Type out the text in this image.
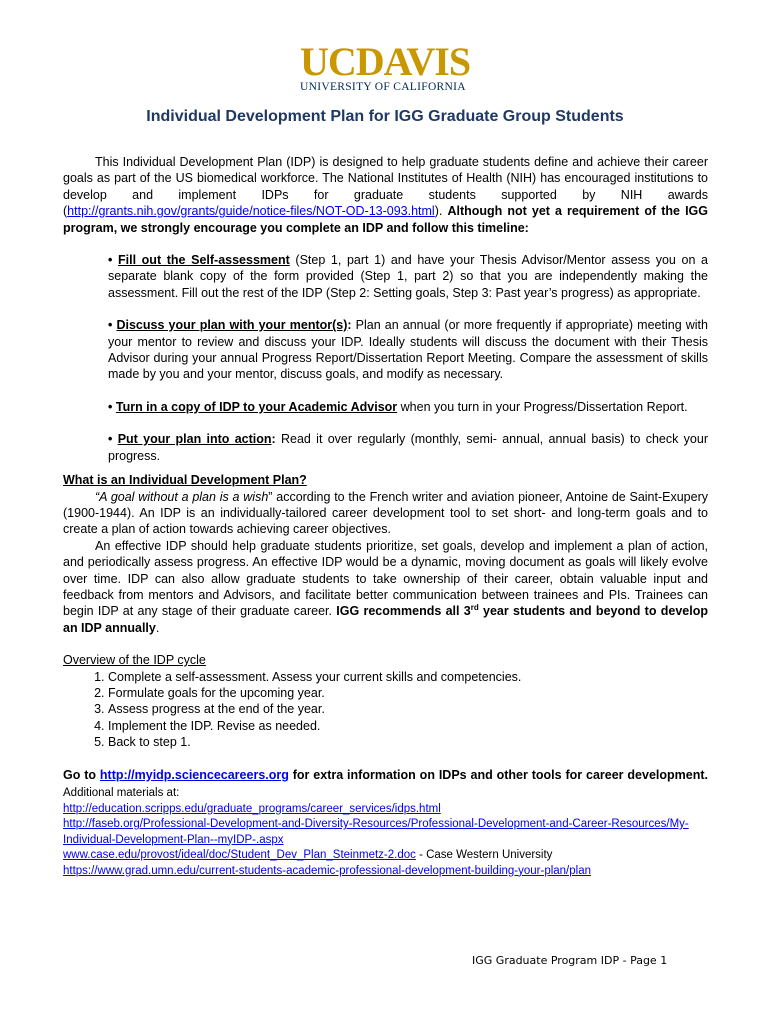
UCDAVIS
UNIVERSITY OF CALIFORNIA
Individual Development Plan for IGG Graduate Group Students

This Individual Development Plan (IDP) is designed to help graduate students define and achieve their career goals as part of the US biomedical workforce. The National Institutes of Health (NIH) has encouraged institutions to develop and implement IDPs for graduate students supported by NIH awards (http://grants.nih.gov/grants/guide/notice-files/NOT-OD-13-093.html). Although not yet a requirement of the IGG program, we strongly encourage you complete an IDP and follow this timeline:

• Fill out the Self-assessment (Step 1, part 1) and have your Thesis Advisor/Mentor assess you on a separate blank copy of the form provided (Step 1, part 2) so that you are independently making the assessment. Fill out the rest of the IDP (Step 2: Setting goals, Step 3: Past year’s progress) as appropriate.

• Discuss your plan with your mentor(s): Plan an annual (or more frequently if appropriate) meeting with your mentor to review and discuss your IDP. Ideally students will discuss the document with their Thesis Advisor during your annual Progress Report/Dissertation Report Meeting. Compare the assessment of skills made by you and your mentor, discuss goals, and modify as necessary.

• Turn in a copy of IDP to your Academic Advisor when you turn in your Progress/Dissertation Report.

• Put your plan into action: Read it over regularly (monthly, semi- annual, annual basis) to check your progress.

What is an Individual Development Plan?

“A goal without a plan is a wish” according to the French writer and aviation pioneer, Antoine de Saint-Exupery (1900-1944). An IDP is an individually-tailored career development tool to set short- and long-term goals and to create a plan of action towards achieving career objectives.

An effective IDP should help graduate students prioritize, set goals, develop and implement a plan of action, and periodically assess progress. An effective IDP would be a dynamic, moving document as goals will likely evolve over time. IDP can also allow graduate students to take ownership of their career, obtain valuable input and feedback from mentors and Advisors, and facilitate better communication between trainees and PIs. Trainees can begin IDP at any stage of their graduate career. IGG recommends all 3rd year students and beyond to develop an IDP annually.

Overview of the IDP cycle

1. Complete a self-assessment. Assess your current skills and competencies.
2. Formulate goals for the upcoming year.
3. Assess progress at the end of the year.
4. Implement the IDP. Revise as needed.
5. Back to step 1.

Go to http://myidp.sciencecareers.org for extra information on IDPs and other tools for career development. Additional materials at:

http://education.scripps.edu/graduate_programs/career_services/idps.html
http://faseb.org/Professional-Development-and-Diversity-Resources/Professional-Development-and-Career-Resources/My-Individual-Development-Plan--myIDP-.aspx
www.case.edu/provost/ideal/doc/Student_Dev_Plan_Steinmetz-2.doc - Case Western University
https://www.grad.umn.edu/current-students-academic-professional-development-building-your-plan/plan
IGG Graduate Program IDP - Page 1
